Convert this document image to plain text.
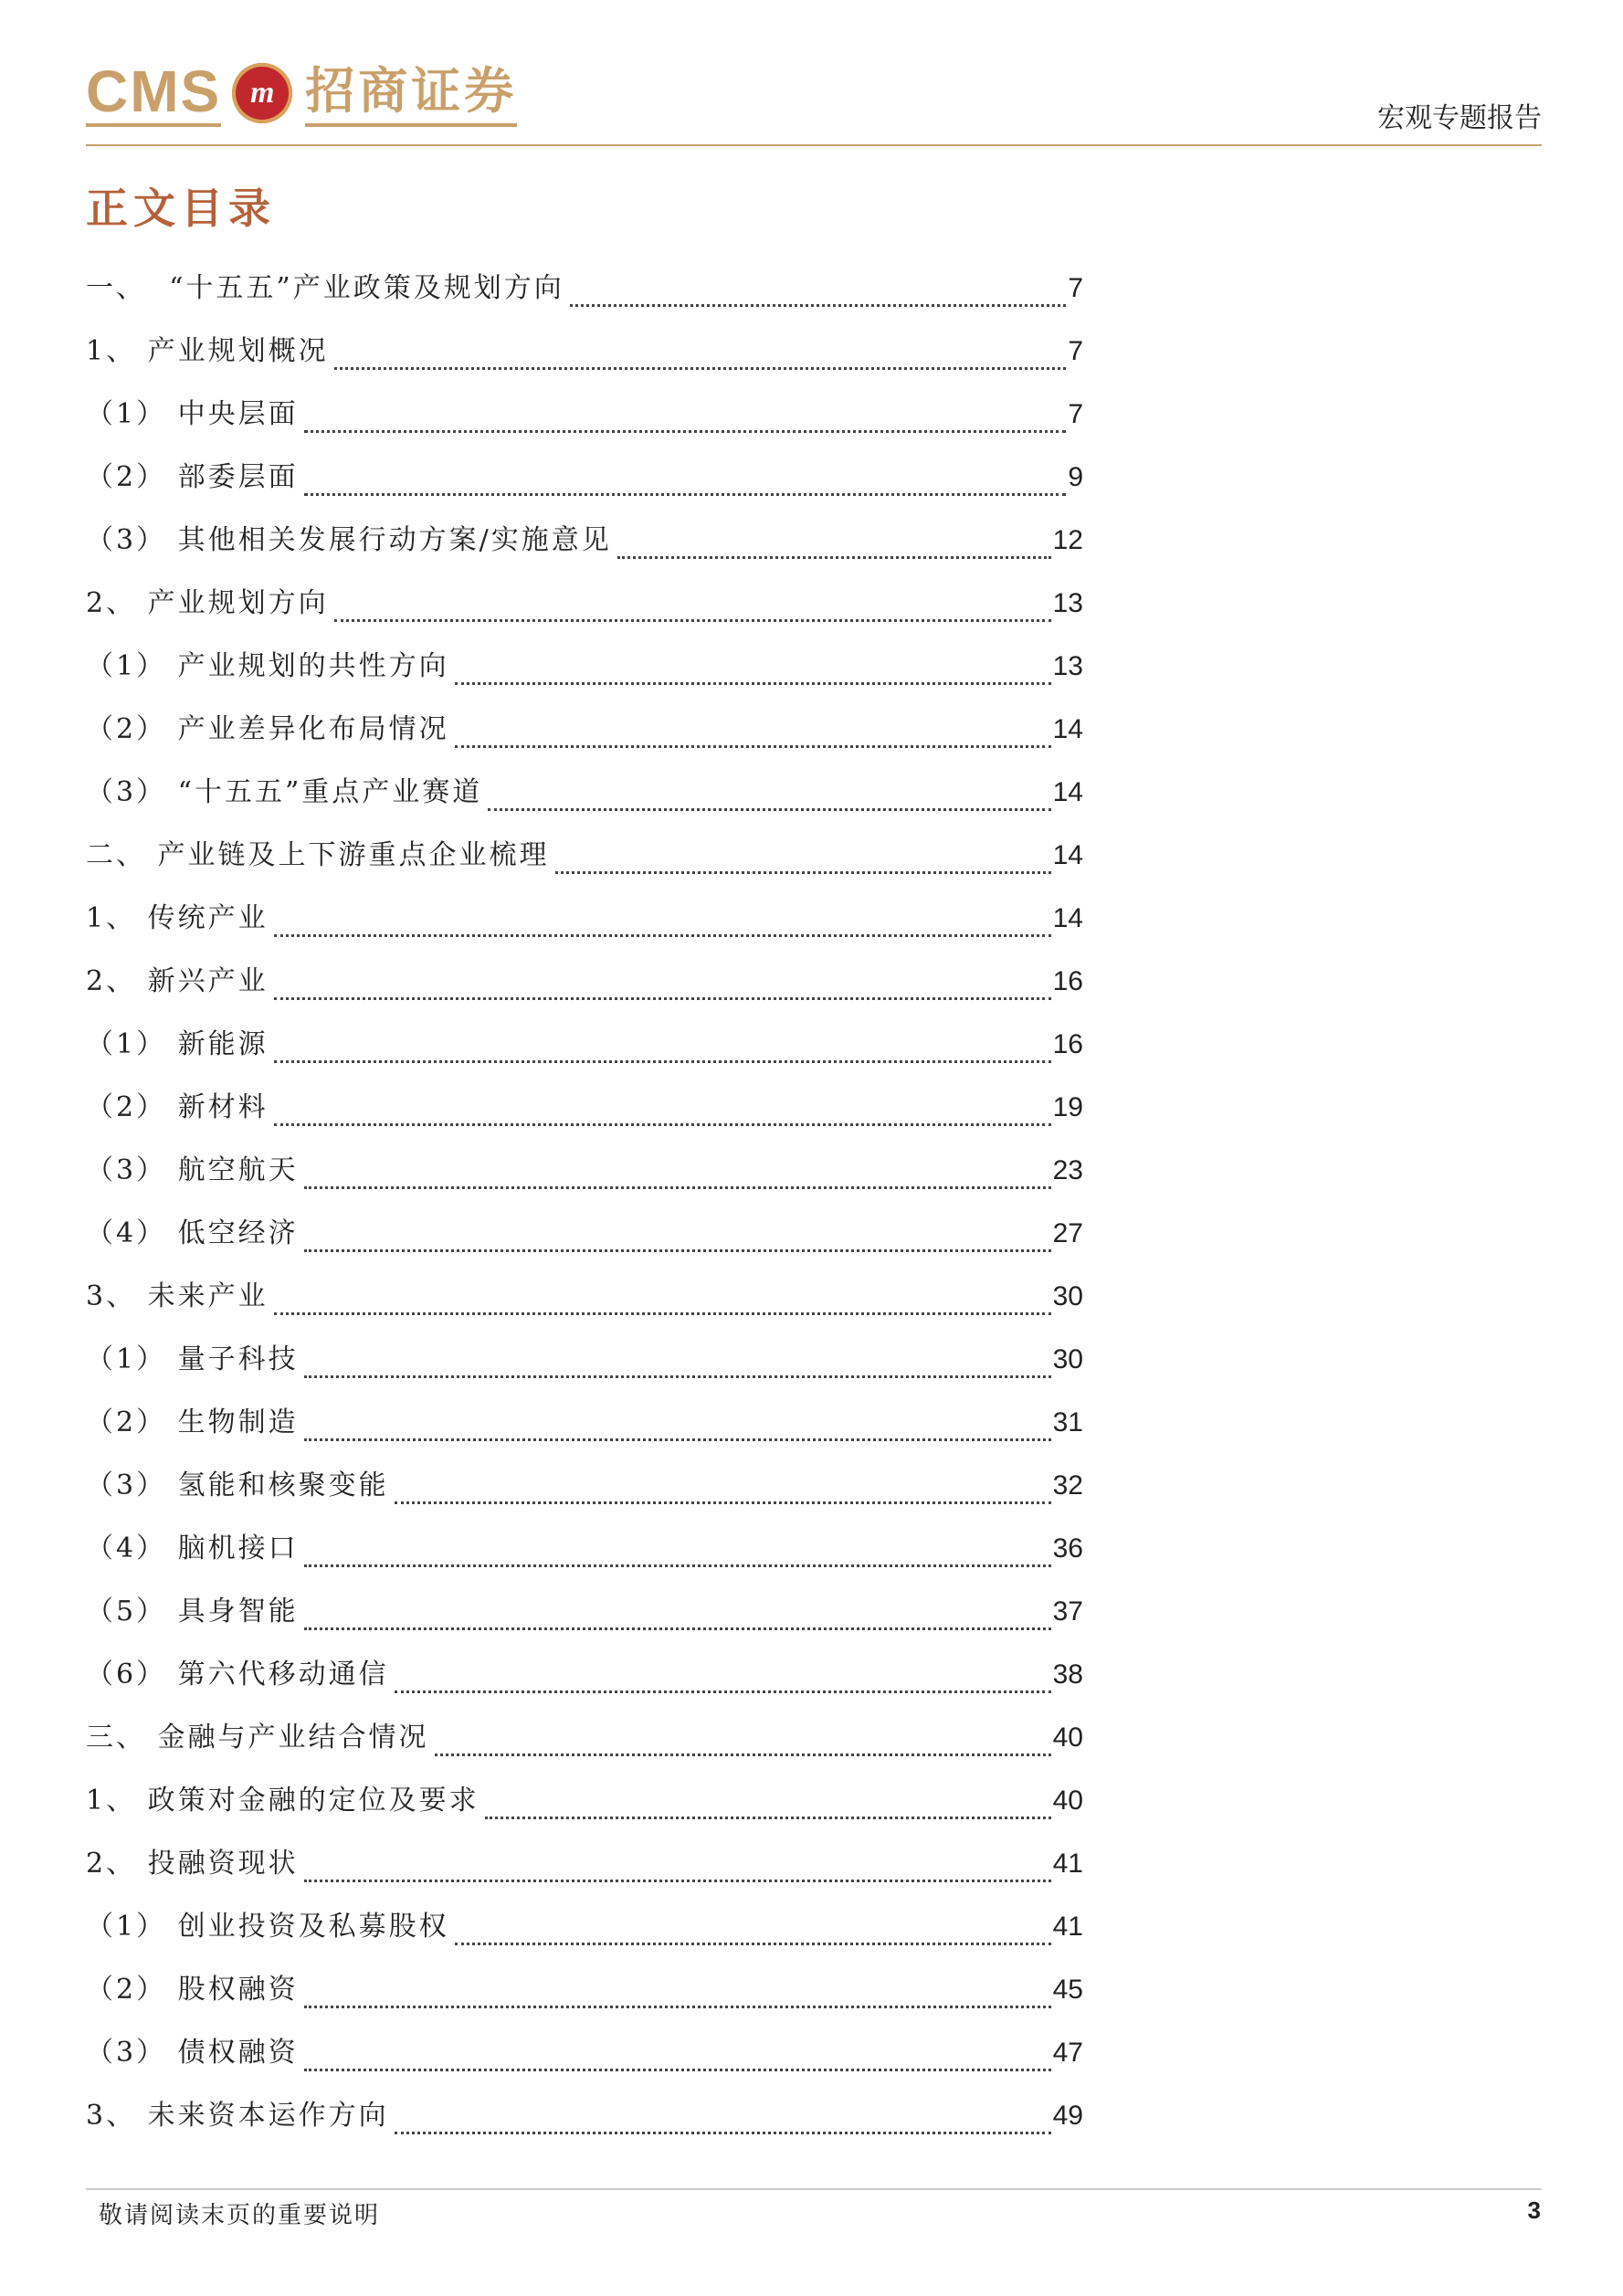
CMS m 招商证券	宏观专题报告
正文目录
一、  “十五五”产业政策及规划方向	7
1、 产业规划概况	7
（1） 中央层面	7
（2） 部委层面	9
（3） 其他相关发展行动方案/实施意见	12
2、 产业规划方向	13
（1） 产业规划的共性方向	13
（2） 产业差异化布局情况	14
（3） “十五五”重点产业赛道	14
二、 产业链及上下游重点企业梳理	14
1、 传统产业	14
2、 新兴产业	16
（1） 新能源	16
（2） 新材料	19
（3） 航空航天	23
（4） 低空经济	27
3、 未来产业	30
（1） 量子科技	30
（2） 生物制造	31
（3） 氢能和核聚变能	32
（4） 脑机接口	36
（5） 具身智能	37
（6） 第六代移动通信	38
三、 金融与产业结合情况	40
1、 政策对金融的定位及要求	40
2、 投融资现状	41
（1） 创业投资及私募股权	41
（2） 股权融资	45
（3） 债权融资	47
3、 未来资本运作方向	49
敬请阅读末页的重要说明	3
